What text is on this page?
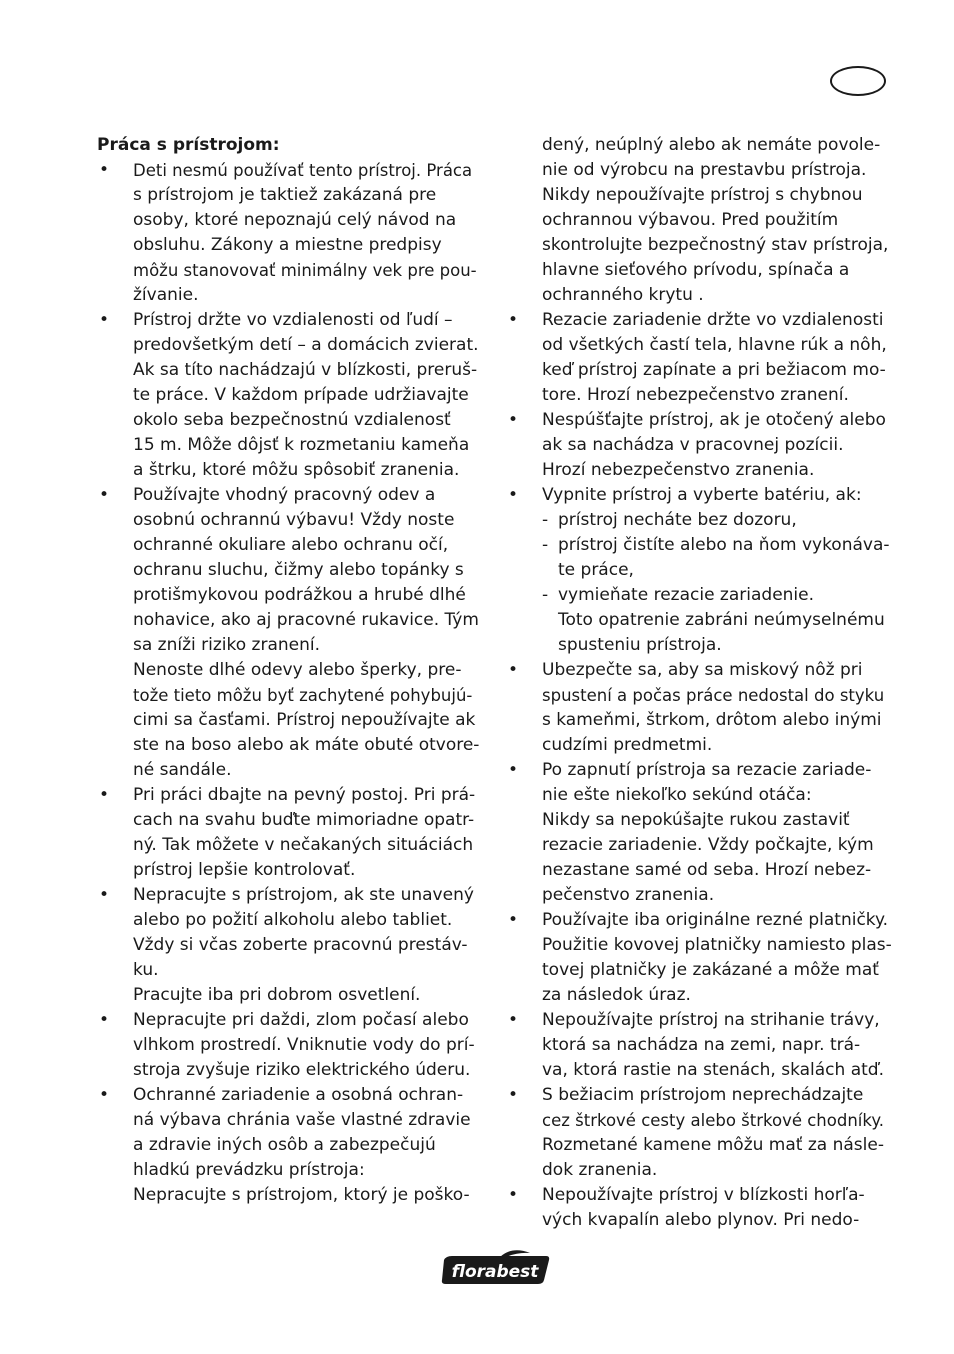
Práca s prístrojom:
• Deti nesmú používať tento prístroj. Práca
s prístrojom je taktiež zakázaná pre
osoby, ktoré nepoznajú celý návod na
obsluhu. Zákony a miestne predpisy
môžu stanovovať minimálny vek pre pou-
žívanie.
• Prístroj držte vo vzdialenosti od ľudí –
predovšetkým detí – a domácich zvierat.
Ak sa títo nachádzajú v blízkosti, preruš-
te práce. V každom prípade udržiavajte
okolo seba bezpečnostnú vzdialenosť
15 m. Môže dôjsť k rozmetaniu kameňa
a štrku, ktoré môžu spôsobiť zranenia.
• Používajte vhodný pracovný odev a
osobnú ochrannú výbavu! Vždy noste
ochranné okuliare alebo ochranu očí,
ochranu sluchu, čižmy alebo topánky s
protišmykovou podrážkou a hrubé dlhé
nohavice, ako aj pracovné rukavice. Tým
sa zníži riziko zranení.
Nenoste dlhé odevy alebo šperky, pre-
tože tieto môžu byť zachytené pohybujú-
cimi sa časťami. Prístroj nepoužívajte ak
ste na boso alebo ak máte obuté otvore-
né sandále.
• Pri práci dbajte na pevný postoj. Pri prá-
cach na svahu buďte mimoriadne opatr-
ný. Tak môžete v nečakaných situáciách
prístroj lepšie kontrolovať.
• Nepracujte s prístrojom, ak ste unavený
alebo po požití alkoholu alebo tabliet.
Vždy si včas zoberte pracovnú prestáv-
ku.
Pracujte iba pri dobrom osvetlení.
• Nepracujte pri daždi, zlom počasí alebo
vlhkom prostredí. Vniknutie vody do prí-
stroja zvyšuje riziko elektrického úderu.
• Ochranné zariadenie a osobná ochran-
ná výbava chránia vaše vlastné zdravie
a zdravie iných osôb a zabezpečujú
hladkú prevádzku prístroja:
Nepracujte s prístrojom, ktorý je poško-
dený, neúplný alebo ak nemáte povole-
nie od výrobcu na prestavbu prístroja.
Nikdy nepoužívajte prístroj s chybnou
ochrannou výbavou. Pred použitím
skontrolujte bezpečnostný stav prístroja,
hlavne sieťového prívodu, spínača a
ochranného krytu .
• Rezacie zariadenie držte vo vzdialenosti
od všetkých častí tela, hlavne rúk a nôh,
keď prístroj zapínate a pri bežiacom mo-
tore. Hrozí nebezpečenstvo zranení.
• Nespúšťajte prístroj, ak je otočený alebo
ak sa nachádza v pracovnej pozícii.
Hrozí nebezpečenstvo zranenia.
• Vypnite prístroj a vyberte batériu, ak:
- prístroj necháte bez dozoru,
- prístroj čistíte alebo na ňom vykonáva-
te práce,
- vymieňate rezacie zariadenie.
Toto opatrenie zabráni neúmyselnému
spusteniu prístroja.
• Ubezpečte sa, aby sa miskový nôž pri
spustení a počas práce nedostal do styku
s kameňmi, štrkom, drôtom alebo inými
cudzími predmetmi.
• Po zapnutí prístroja sa rezacie zariade-
nie ešte niekoľko sekúnd otáča:
Nikdy sa nepokúšajte rukou zastaviť
rezacie zariadenie. Vždy počkajte, kým
nezastane samé od seba. Hrozí nebez-
pečenstvo zranenia.
• Používajte iba originálne rezné platničky.
Použitie kovovej platničky namiesto plas-
tovej platničky je zakázané a môže mať
za následok úraz.
• Nepoužívajte prístroj na strihanie trávy,
ktorá sa nachádza na zemi, napr. trá-
va, ktorá rastie na stenách, skalách atď.
• S bežiacim prístrojom neprechádzajte
cez štrkové cesty alebo štrkové chodníky.
Rozmetané kamene môžu mať za násle-
dok zranenia.
• Nepoužívajte prístroj v blízkosti horľa-
vých kvapalín alebo plynov. Pri nedo-
florabest
